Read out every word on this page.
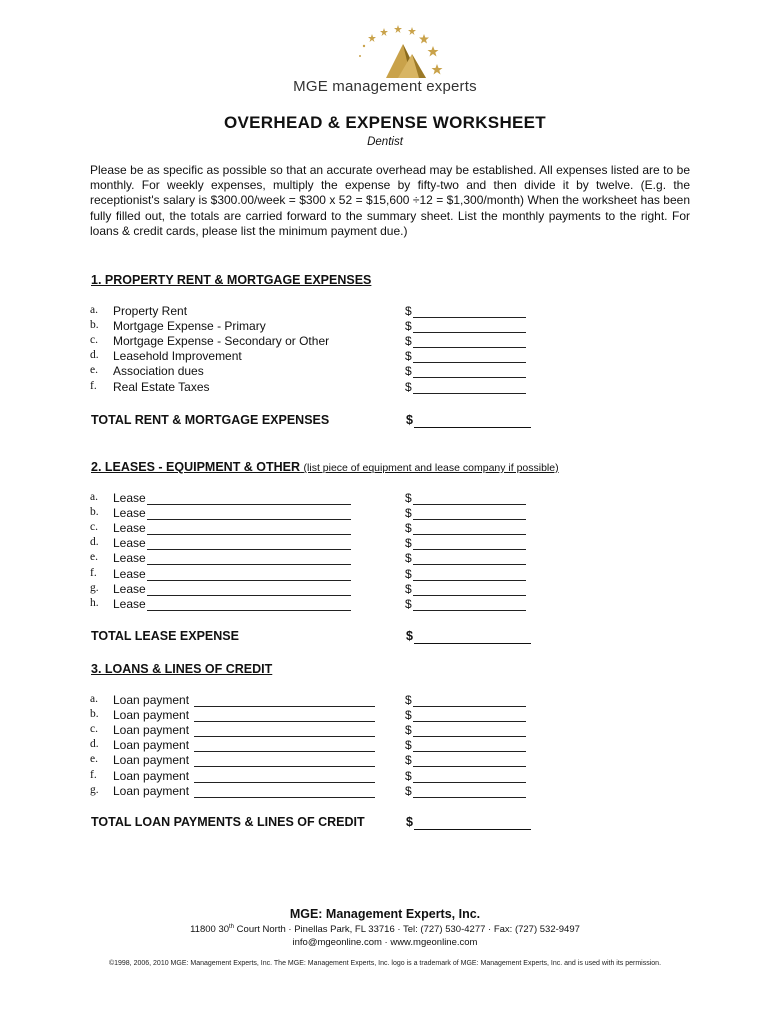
MGE management experts
OVERHEAD & EXPENSE WORKSHEET
Dentist
Please be as specific as possible so that an accurate overhead may be established. All expenses listed are to be monthly. For weekly expenses, multiply the expense by fifty-two and then divide it by twelve. (E.g. the receptionist's salary is $300.00/week = $300 x 52 = $15,600 ÷12 = $1,300/month) When the worksheet has been fully filled out, the totals are carried forward to the summary sheet. List the monthly payments to the right. For loans & credit cards, please list the minimum payment due.)
1. PROPERTY RENT & MORTGAGE EXPENSES
a.	Property Rent	$
b.	Mortgage Expense - Primary	$
c.	Mortgage Expense - Secondary or Other	$
d.	Leasehold Improvement	$
e.	Association dues	$
f.	Real Estate Taxes	$
TOTAL RENT & MORTGAGE EXPENSES	$
2. LEASES - EQUIPMENT & OTHER (list piece of equipment and lease company if possible)
a.	Lease	$
b.	Lease	$
c.	Lease	$
d.	Lease	$
e.	Lease	$
f.	Lease	$
g.	Lease	$
h.	Lease	$
TOTAL LEASE EXPENSE	$
3. LOANS & LINES OF CREDIT
a.	Loan payment	$
b.	Loan payment	$
c.	Loan payment	$
d.	Loan payment	$
e.	Loan payment	$
f.	Loan payment	$
g.	Loan payment	$
TOTAL LOAN PAYMENTS & LINES OF CREDIT	$
MGE: Management Experts, Inc.
11800 30th Court North · Pinellas Park, FL 33716 · Tel: (727) 530-4277 · Fax: (727) 532-9497
info@mgeonline.com · www.mgeonline.com
©1998, 2006, 2010 MGE: Management Experts, Inc. The MGE: Management Experts, Inc. logo is a trademark of MGE: Management Experts, Inc. and is used with its permission.
